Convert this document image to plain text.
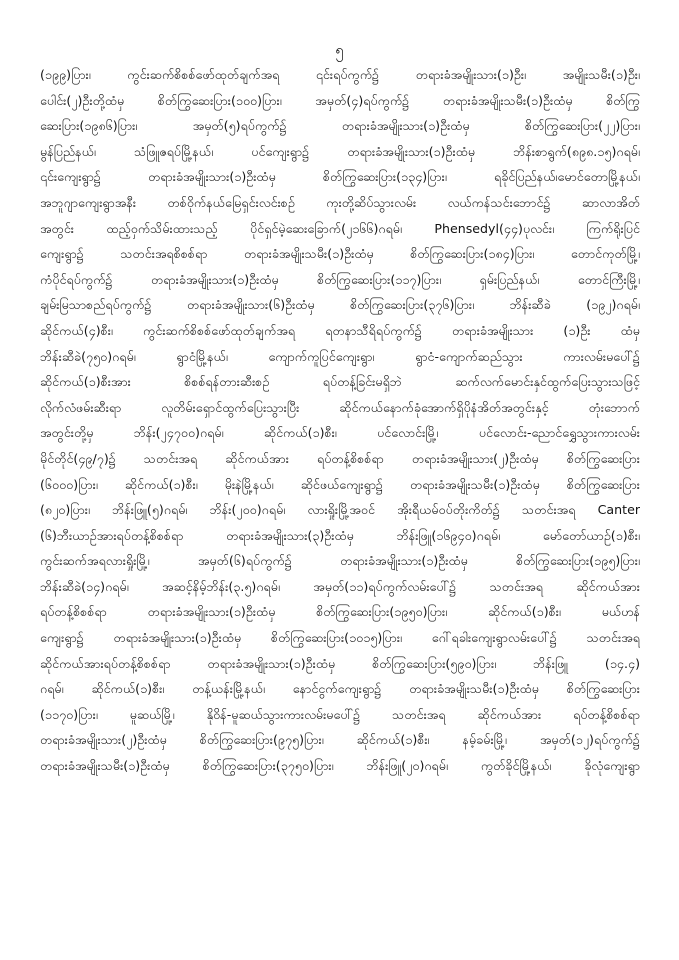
၅
(၁၉၉)ပြား၊ ကွင်းဆက်စိစစ်ဖော်ထုတ်ချက်အရ ၎င်းရပ်ကွက်၌ တရားခံအမျိုးသား(၁)ဦး၊ အမျိုးသမီး(၁)ဦး၊
ပေါင်း(၂)ဦးတို့ထံမှ စိတ်ကြွဆေးပြား(၁၀၀)ပြား၊ အမှတ်(၄)ရပ်ကွက်၌ တရားခံအမျိုးသမီး(၁)ဦးထံမှ စိတ်ကြွ
ဆေးပြား(၁၉၈၆)ပြား၊ အမှတ်(၅)ရပ်ကွက်၌ တရားခံအမျိုးသား(၁)ဦးထံမှ စိတ်ကြွဆေးပြား(၂၂)ပြား၊
မွန်ပြည်နယ်၊ သံဖြူဇရပ်မြို့နယ်၊ ပင်ကျေးရွာ၌ တရားခံအမျိုးသား(၁)ဦးထံမှ ဘိန်းစာရွက်(၈၉၈.၁၅)ဂရမ်၊
၎င်းကျေးရွာ၌ တရားခံအမျိုးသား(၁)ဦးထံမှ စိတ်ကြွဆေးပြား(၁၃၄)ပြား၊ ရခိုင်ပြည်နယ်၊မောင်တောမြို့နယ်၊
အဘူဂျာကျေးရွာအနီး တစ်ဝိုက်နယ်မြေရှင်းလင်းစဉ် ကုးတို့ဆိပ်သွားလမ်း လယ်ကန်သင်းဘောင်၌ ဆာလာအိတ်
အတွင်း ထည့်ဝှက်သိမ်းထားသည့် ပိုင်ရှင်မဲ့ဆေးခြောက်(၂၁၆၆)ဂရမ်၊ Phensedyl(၄၄)ပုလင်း၊ ကြက်ရိုးပြင်
ကျေးရွာ၌ သတင်းအရစိစစ်ရာ တရားခံအမျိုးသမီး(၁)ဦးထံမှ စိတ်ကြွဆေးပြား(၁၈၄)ပြား၊ တောင်ကုတ်မြို့၊
ကံပိုင်ရပ်ကွက်၌ တရားခံအမျိုးသား(၁)ဦးထံမှ စိတ်ကြွဆေးပြား(၁၁၇)ပြား၊ ရှမ်းပြည်နယ်၊ တောင်ကြီးမြို့၊
ချမ်းမြသာစည်ရပ်ကွက်၌ တရားခံအမျိုးသား(၆)ဦးထံမှ စိတ်ကြွဆေးပြား(၃၇၆)ပြား၊ ဘိန်းဆီခဲ (၁၉၂)ဂရမ်၊
ဆိုင်ကယ်(၄)စီး၊ ကွင်းဆက်စိစစ်ဖော်ထုတ်ချက်အရ ရတနာသီရိရပ်ကွက်၌ တရားခံအမျိုးသား (၁)ဦး ထံမှ
ဘိန်းဆီခဲ(၇၅၀)ဂရမ်၊ ရွာငံမြို့နယ်၊ ကျောက်ကူပြင်ကျေးရွာ၊ ရွာငံ-ကျောက်ဆည်သွား ကားလမ်းမပေါ်၌
ဆိုင်ကယ်(၁)စီးအား စိစစ်ရန်တားဆီးစဉ် ရပ်တန့်ခြင်းမရှိဘဲ ဆက်လက်မောင်းနှင်ထွက်ပြေးသွားသဖြင့်
လိုက်လံဖမ်းဆီးရာ လူတိမ်းရှောင်ထွက်ပြေးသွားပြီး ဆိုင်ကယ်နောက်ခုံအောက်ရှိပိုနံအိတ်အတွင်းနှင့် တုံးဘောက်
အတွင်းတို့မှ ဘိန်း(၂၄၇၀၀)ဂရမ်၊ ဆိုင်ကယ်(၁)စီး၊ ပင်လောင်းမြို့၊ ပင်လောင်း-ညောင်ရွှေသွားကားလမ်း
မိုင်တိုင်(၄၉/၇)၌ သတင်းအရ ဆိုင်ကယ်အား ရပ်တန့်စိစစ်ရာ တရားခံအမျိုးသား(၂)ဦးထံမှ စိတ်ကြွဆေးပြား
(၆၀၀၀)ပြား၊ ဆိုင်ကယ်(၁)စီး၊ မိုးနဲမြို့နယ်၊ ဆိုင်ဖယ်ကျေးရွာ၌ တရားခံအမျိုးသမီး(၁)ဦးထံမှ စိတ်ကြွဆေးပြား
(၈၂၀)ပြား၊ ဘိန်းဖြူ(၅)ဂရမ်၊ ဘိန်း(၂၀၀)ဂရမ်၊ လားရှိုးမြို့အဝင် အိုးရီယမ်ဝပ်တိုးကိတ်၌ သတင်းအရ Canter
(၆)ဘီးယာဉ်အားရပ်တန့်စိစစ်ရာ တရားခံအမျိုးသား(၃)ဦးထံမှ ဘိန်းဖြူ(၁၆၉၄၀)ဂရမ်၊ မော်တော်ယာဉ်(၁)စီး၊
ကွင်းဆက်အရလားရှိုးမြို့၊ အမှတ်(၆)ရပ်ကွက်၌ တရားခံအမျိုးသား(၁)ဦးထံမှ စိတ်ကြွဆေးပြား(၁၉၅)ပြား၊
ဘိန်းဆီခဲ(၁၄)ဂရမ်၊ အဆင့်နိမ့်ဘိန်း(၃.၅)ဂရမ်၊ အမှတ်(၁၁)ရပ်ကွက်လမ်းပေါ်၌ သတင်းအရ ဆိုင်ကယ်အား
ရပ်တန့်စိစစ်ရာ တရားခံအမျိုးသား(၁)ဦးထံမှ စိတ်ကြွဆေးပြား(၁၉၅၀)ပြား၊ ဆိုင်ကယ်(၁)စီး၊ မယ်ဟန်
ကျေးရွာ၌ တရားခံအမျိုးသား(၁)ဦးထံမှ စိတ်ကြွဆေးပြား(၁၀၁၅)ပြား၊ ဂေါ်ရခါးကျေးရွာလမ်းပေါ်၌ သတင်းအရ
ဆိုင်ကယ်အားရပ်တန့်စိစစ်ရာ တရားခံအမျိုးသား(၁)ဦးထံမှ စိတ်ကြွဆေးပြား(၅၉၀)ပြား၊ ဘိန်းဖြူ (၁၄.၄)
ဂရမ်၊ ဆိုင်ကယ်(၁)စီး၊ တန့်ယန်းမြို့နယ်၊ နောင်ငွက်ကျေးရွာ၌ တရားခံအမျိုးသမီး(၁)ဦးထံမှ စိတ်ကြွဆေးပြား
(၁၁၇၀)ပြား၊ မူဆယ်မြို့၊ နိုဝိန်-မူဆယ်သွားကားလမ်းမပေါ်၌ သတင်းအရ ဆိုင်ကယ်အား ရပ်တန့်စိစစ်ရာ
တရားခံအမျိုးသား(၂)ဦးထံမှ စိတ်ကြွဆေးပြား(၉၇၅)ပြား၊ ဆိုင်ကယ်(၁)စီး၊ နမ့်ခမ်းမြို့၊ အမှတ်(၁၂)ရပ်ကွက်၌
တရားခံအမျိုးသမီး(၁)ဦးထံမှ စိတ်ကြွဆေးပြား(၃၇၅၀)ပြား၊ ဘိန်းဖြူ(၂၀)ဂရမ်၊ ကွတ်ခိုင်မြို့နယ်၊ ခိုလုံကျေးရွာ
